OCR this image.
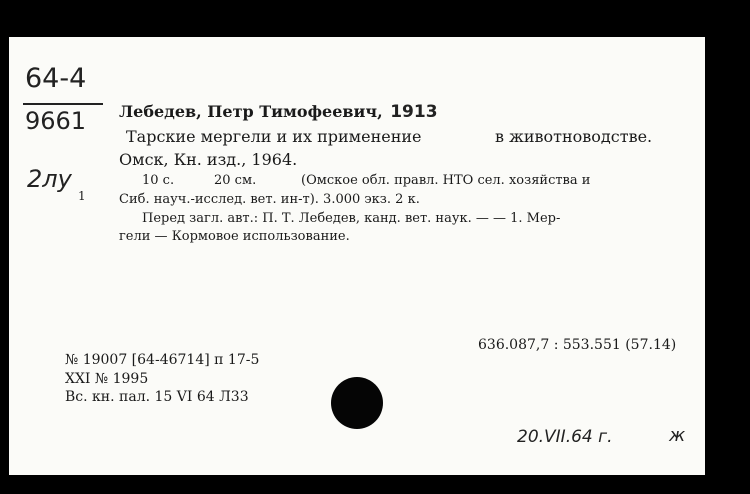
64-4
9661
2лу
1
Лебедев, Петр Тимофеевич, 1913
Тарские мергели и их применение	в животноводстве.
Омск, Кн. изд., 1964.
10 с.	20 см.	(Омское обл. правл. НТО сел. хозяйства и
Сиб. науч.-исслед. вет. ин-т). 3.000 экз. 2 к.
Перед загл. авт.: П. Т. Лебедев, канд. вет. наук. — — 1. Мер-
гели — Кормовое использование.
636.087,7 : 553.551 (57.14)
№ 19007 [64-46714] п 17-5
XXI № 1995
Вс. кн. пал. 15 VI 64 Л33
20.VII.64 г.	ж
